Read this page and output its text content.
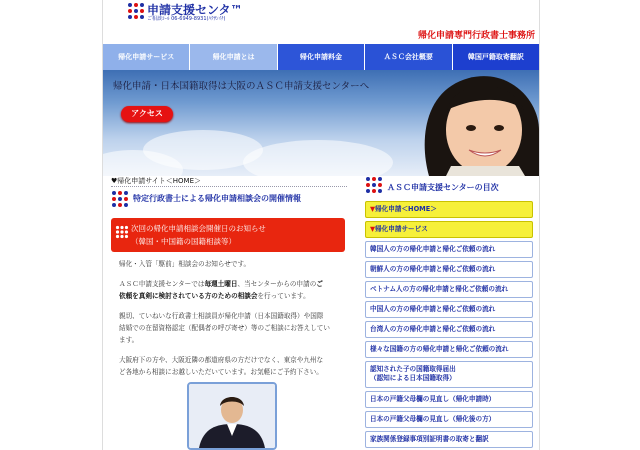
申請支援センタ™
ご相談ｺｰﾙ 06-6949-8931(ﾊｸｻﾝｲﾁ)
帰化申請専門行政書士事務所
帰化申請サービス	帰化申請とは	帰化申請料金	ＡＳＣ会社概要	韓国戸籍取寄翻訳
帰化申請・日本国籍取得は大阪のＡＳＣ申請支援センターへ
アクセス
♥帰化申請サイト＜HOME＞
特定行政書士による帰化申請相談会の開催情報
次回の帰化申請相談会開催日のお知らせ
（韓国・中国籍の国籍相談等）

帰化・入管「駆前」相談会のお知らせです。

ＡＳＣ申請支援センターでは毎週土曜日、当センターからの申請のご

依頼を真剣に検討されている方のための相談会を行っています。

親切、ていねいな行政書士相談員が帰化申請（日本国籍取得）や国際

結婚での在留資格認定（配偶者の呼び寄せ）等のご相談にお答えしてい

ます。

大阪府下の方や、大阪近隣の都道府県の方だけでなく、東京や九州な

ど各地から相談にお越しいただいています。お気軽にご予約下さい。

ＡＳＣ申請支援センターの目次
▼帰化申請＜HOME＞
▼帰化申請サービス
韓国人の方の帰化申請と帰化ご依頼の流れ
朝鮮人の方の帰化申請と帰化ご依頼の流れ
ベトナム人の方の帰化申請と帰化ご依頼の流れ
中国人の方の帰化申請と帰化ご依頼の流れ
台湾人の方の帰化申請と帰化ご依頼の流れ
様々な国籍の方の帰化申請と帰化ご依頼の流れ
認知された子の国籍取得届出
（認知による日本国籍取得）
日本の戸籍父母欄の見直し（帰化申請時）
日本の戸籍父母欄の見直し（帰化後の方）
家族関係登録事項別証明書の取寄と翻訳
